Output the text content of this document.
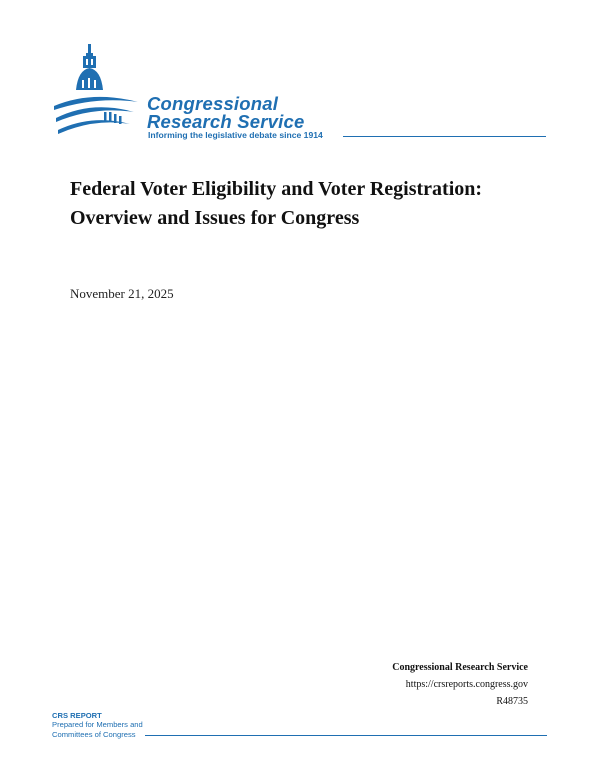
Congressional
Research Service
Informing the legislative debate since 1914
Federal Voter Eligibility and Voter Registration: Overview and Issues for Congress
November 21, 2025
Congressional Research Service
https://crsreports.congress.gov
R48735
CRS REPORT
Prepared for Members and
Committees of Congress
